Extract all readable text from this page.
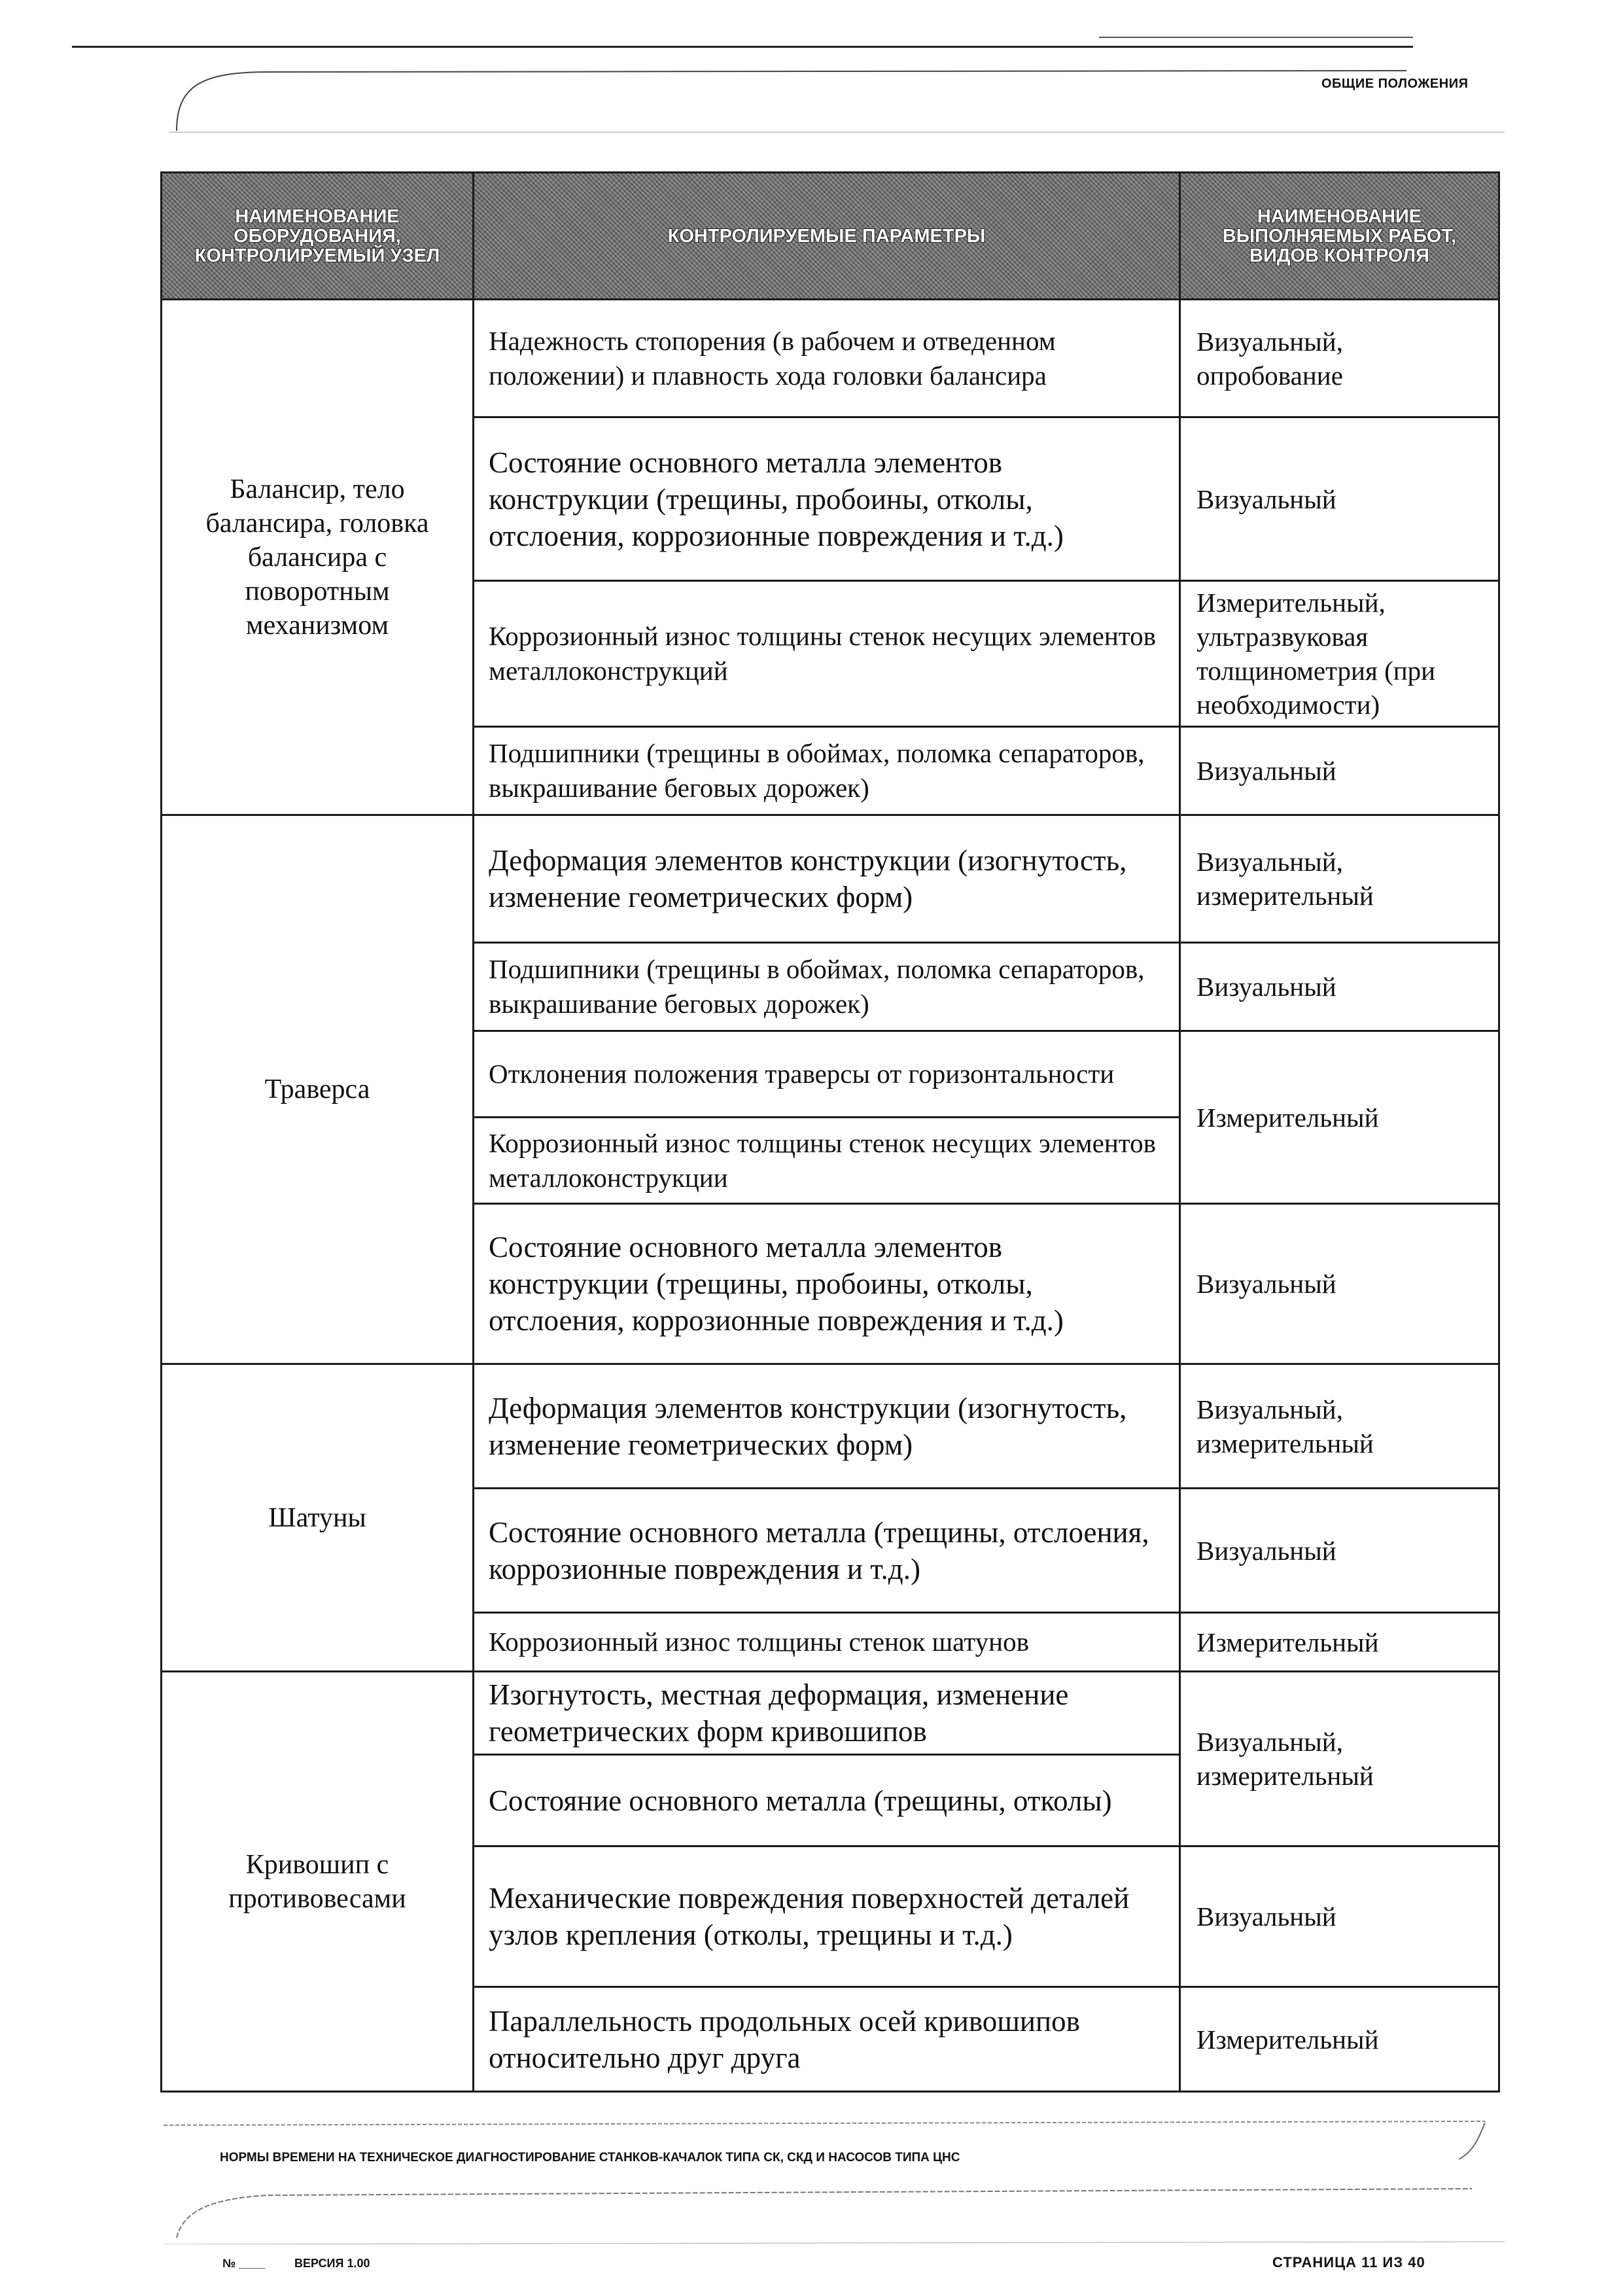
ОБЩИЕ ПОЛОЖЕНИЯ
НАИМЕНОВАНИЕ ОБОРУДОВАНИЯ, КОНТРОЛИРУЕМЫЙ УЗЕЛ	КОНТРОЛИРУЕМЫЕ ПАРАМЕТРЫ	НАИМЕНОВАНИЕ ВЫПОЛНЯЕМЫХ РАБОТ, ВИДОВ КОНТРОЛЯ
Балансир, тело балансира, головка балансира с поворотным механизмом	Надежность стопорения (в рабочем и отведенном положении) и плавность хода головки балансира	Визуальный, опробование
	Состояние основного металла элементов конструкции (трещины, пробоины, отколы, отслоения, коррозионные повреждения и т.д.)	Визуальный
	Коррозионный износ толщины стенок несущих элементов металлоконструкций	Измерительный, ультразвуковая толщинометрия (при необходимости)
	Подшипники (трещины в обоймах, поломка сепараторов, выкрашивание беговых дорожек)	Визуальный
Траверса	Деформация элементов конструкции (изогнутость, изменение геометрических форм)	Визуальный, измерительный
	Подшипники (трещины в обоймах, поломка сепараторов, выкрашивание беговых дорожек)	Визуальный
	Отклонения положения траверсы от горизонтальности	Измерительный
	Коррозионный износ толщины стенок несущих элементов металлоконструкции	
	Состояние основного металла элементов конструкции (трещины, пробоины, отколы, отслоения, коррозионные повреждения и т.д.)	Визуальный
Шатуны	Деформация элементов конструкции (изогнутость, изменение геометрических форм)	Визуальный, измерительный
	Состояние основного металла (трещины, отслоения, коррозионные повреждения и т.д.)	Визуальный
	Коррозионный износ толщины стенок шатунов	Измерительный
Кривошип с противовесами	Изогнутость, местная деформация, изменение геометрических форм кривошипов	Визуальный, измерительный
	Состояние основного металла (трещины, отколы)	
	Механические повреждения поверхностей деталей узлов крепления (отколы, трещины и т.д.)	Визуальный
	Параллельность продольных осей кривошипов относительно друг друга	Измерительный
НОРМЫ ВРЕМЕНИ НА ТЕХНИЧЕСКОЕ ДИАГНОСТИРОВАНИЕ СТАНКОВ-КАЧАЛОК ТИПА СК, СКД И НАСОСОВ ТИПА ЦНС
№ ____ ВЕРСИЯ 1.00	СТРАНИЦА 11 ИЗ 40
